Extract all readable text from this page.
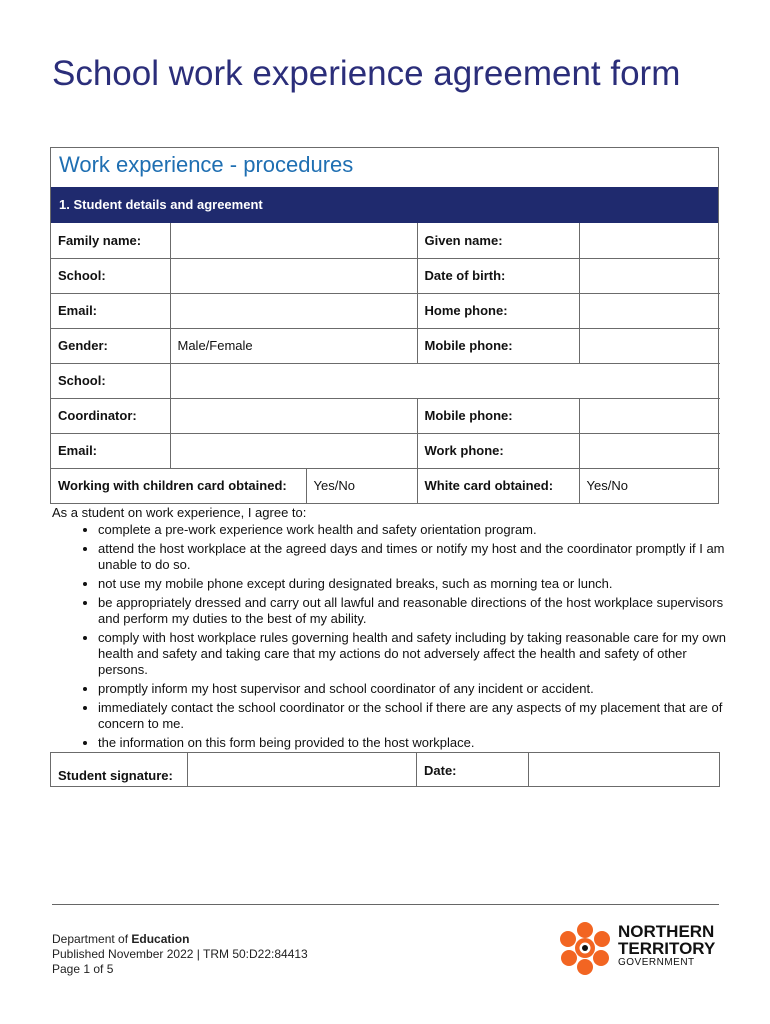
School work experience agreement form
Work experience - procedures
1. Student details and agreement
Family name:			Given name:	
School:			Date of birth:	
Email:			Home phone:	
Gender:	Male/Female		Mobile phone:	
School:				
Coordinator:			Mobile phone:	
Email:			Work phone:	
Working with children card obtained:		Yes/No	White card obtained:	Yes/No
As a student on work experience, I agree to:
• complete a pre-work experience work health and safety orientation program.
• attend the host workplace at the agreed days and times or notify my host and the coordinator promptly if I am unable to do so.
• not use my mobile phone except during designated breaks, such as morning tea or lunch.
• be appropriately dressed and carry out all lawful and reasonable directions of the host workplace supervisors and perform my duties to the best of my ability.
• comply with host workplace rules governing health and safety including by taking reasonable care for my own health and safety and taking care that my actions do not adversely affect the health and safety of other persons.
• promptly inform my host supervisor and school coordinator of any incident or accident.
• immediately contact the school coordinator or the school if there are any aspects of my placement that are of concern to me.
• the information on this form being provided to the host workplace.
Student signature:		Date:	
Department of Education
Published November 2022 | TRM 50:D22:84413
Page 1 of 5
NORTHERN
TERRITORY
GOVERNMENT
